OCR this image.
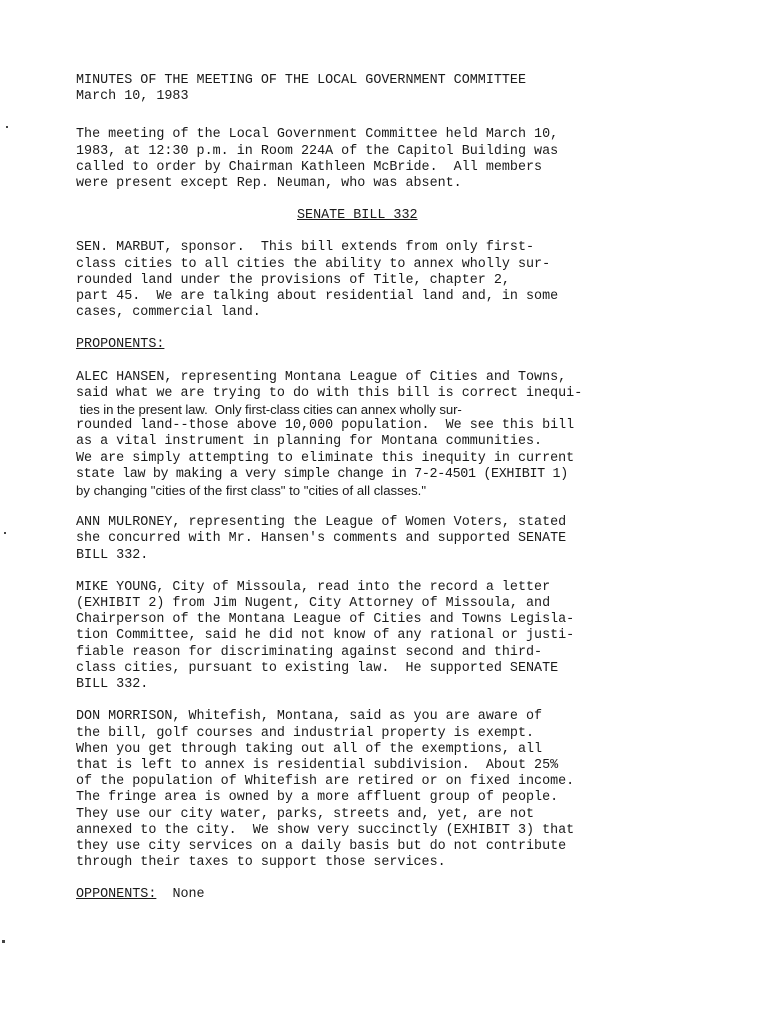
MINUTES OF THE MEETING OF THE LOCAL GOVERNMENT COMMITTEE
March 10, 1983
The meeting of the Local Government Committee held March 10,
1983, at 12:30 p.m. in Room 224A of the Capitol Building was
called to order by Chairman Kathleen McBride.  All members
were present except Rep. Neuman, who was absent.
SENATE BILL 332
SEN. MARBUT, sponsor.  This bill extends from only first-
class cities to all cities the ability to annex wholly sur-
rounded land under the provisions of Title, chapter 2,
part 45.  We are talking about residential land and, in some
cases, commercial land.
PROPONENTS:
ALEC HANSEN, representing Montana League of Cities and Towns,
said what we are trying to do with this bill is correct inequi-
ties in the present law.  Only first-class cities can annex wholly sur-
rounded land--those above 10,000 population.  We see this bill
as a vital instrument in planning for Montana communities.
We are simply attempting to eliminate this inequity in current
state law by making a very simple change in 7-2-4501 (EXHIBIT 1)
by changing "cities of the first class" to "cities of all classes."
ANN MULRONEY, representing the League of Women Voters, stated
she concurred with Mr. Hansen's comments and supported SENATE
BILL 332.
MIKE YOUNG, City of Missoula, read into the record a letter
(EXHIBIT 2) from Jim Nugent, City Attorney of Missoula, and
Chairperson of the Montana League of Cities and Towns Legisla-
tion Committee, said he did not know of any rational or justi-
fiable reason for discriminating against second and third-
class cities, pursuant to existing law.  He supported SENATE
BILL 332.
DON MORRISON, Whitefish, Montana, said as you are aware of
the bill, golf courses and industrial property is exempt.
When you get through taking out all of the exemptions, all
that is left to annex is residential subdivision.  About 25%
of the population of Whitefish are retired or on fixed income.
The fringe area is owned by a more affluent group of people.
They use our city water, parks, streets and, yet, are not
annexed to the city.  We show very succinctly (EXHIBIT 3) that
they use city services on a daily basis but do not contribute
through their taxes to support those services.
OPPONENTS: None
